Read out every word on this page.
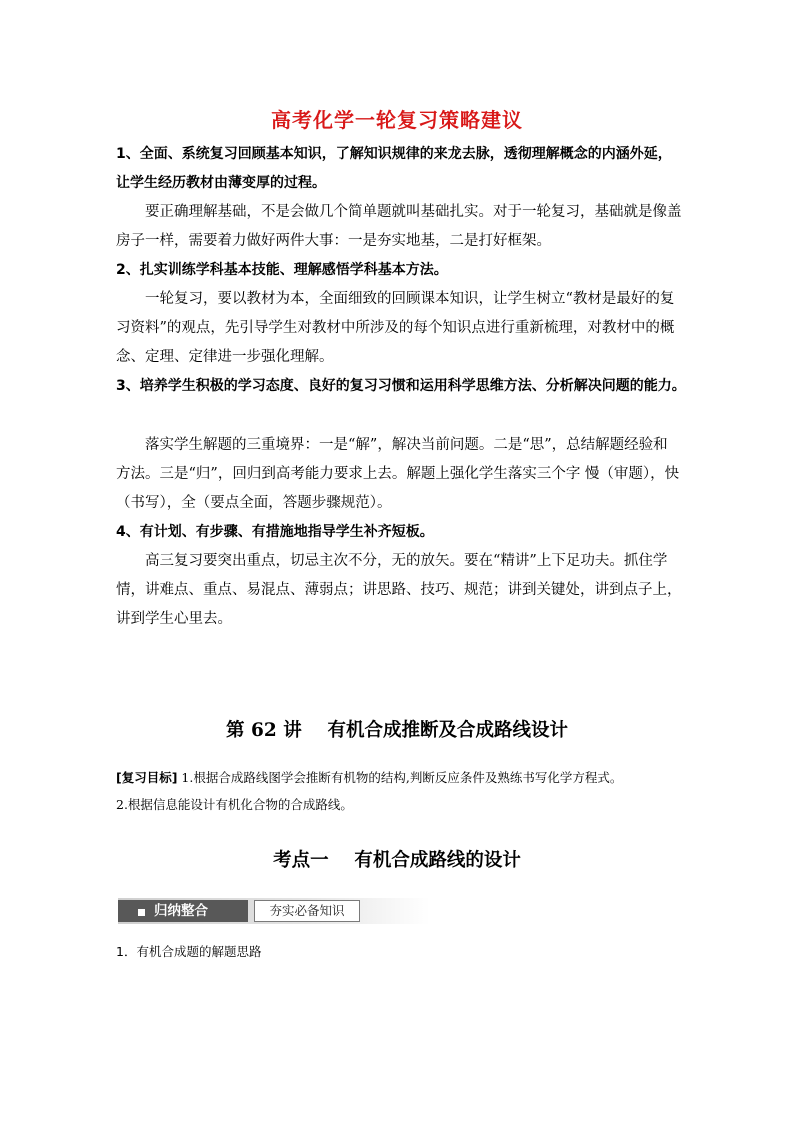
高考化学一轮复习策略建议

1、全面、系统复习回顾基本知识，了解知识规律的来龙去脉，透彻理解概念的内涵外延，让学生经历教材由薄变厚的过程。

要正确理解基础，不是会做几个简单题就叫基础扎实。对于一轮复习，基础就是像盖房子一样，需要着力做好两件大事：一是夯实地基，二是打好框架。

2、扎实训练学科基本技能、理解感悟学科基本方法。

一轮复习，要以教材为本，全面细致的回顾课本知识，让学生树立“教材是最好的复习资料”的观点，先引导学生对教材中所涉及的每个知识点进行重新梳理，对教材中的概念、定理、定律进一步强化理解。

3、培养学生积极的学习态度、良好的复习习惯和运用科学思维方法、分析解决问题的能力。

落实学生解题的三重境界：一是“解”，解决当前问题。二是“思”，总结解题经验和方法。三是“归”，回归到高考能力要求上去。解题上强化学生落实三个字 慢（审题），快（书写），全（要点全面，答题步骤规范）。

4、有计划、有步骤、有措施地指导学生补齐短板。

高三复习要突出重点，切忌主次不分，无的放矢。要在“精讲”上下足功夫。抓住学情，讲难点、重点、易混点、薄弱点；讲思路、技巧、规范；讲到关键处，讲到点子上，讲到学生心里去。

第 62 讲 有机合成推断及合成路线设计

[复习目标] 1.根据合成路线图学会推断有机物的结构,判断反应条件及熟练书写化学方程式。
2.根据信息能设计有机化合物的合成路线。

考点一 有机合成路线的设计
归纳整合	夯实必备知识
1．有机合成题的解题思路
